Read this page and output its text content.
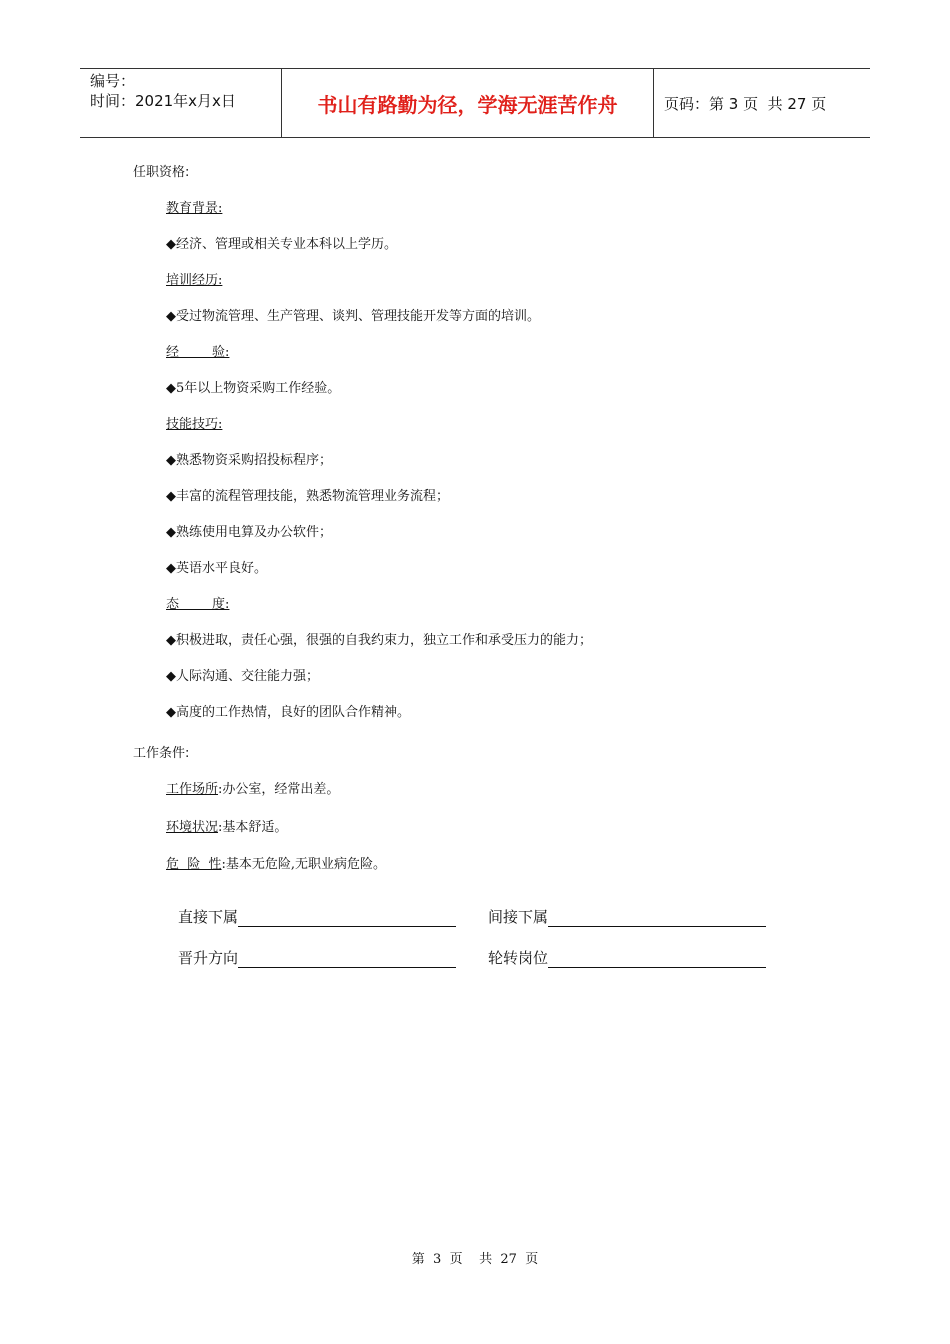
编号：
时间：2021年x月x日	书山有路勤为径，学海无涯苦作舟	页码：第 3 页  共 27 页
任职资格:
教育背景:
◆经济、管理或相关专业本科以上学历。
培训经历:
◆受过物流管理、生产管理、谈判、管理技能开发等方面的培训。
经        验:
◆5年以上物资采购工作经验。
技能技巧:
◆熟悉物资采购招投标程序；
◆丰富的流程管理技能，熟悉物流管理业务流程；
◆熟练使用电算及办公软件；
◆英语水平良好。
态        度:
◆积极进取，责任心强，很强的自我约束力，独立工作和承受压力的能力；
◆人际沟通、交往能力强；
◆高度的工作热情，良好的团队合作精神。
工作条件:
工作场所:办公室，经常出差。
环境状况:基本舒适。
危  险  性:基本无危险,无职业病危险。
直接下属	间接下属
晋升方向	轮转岗位
第  3  页    共  27  页
